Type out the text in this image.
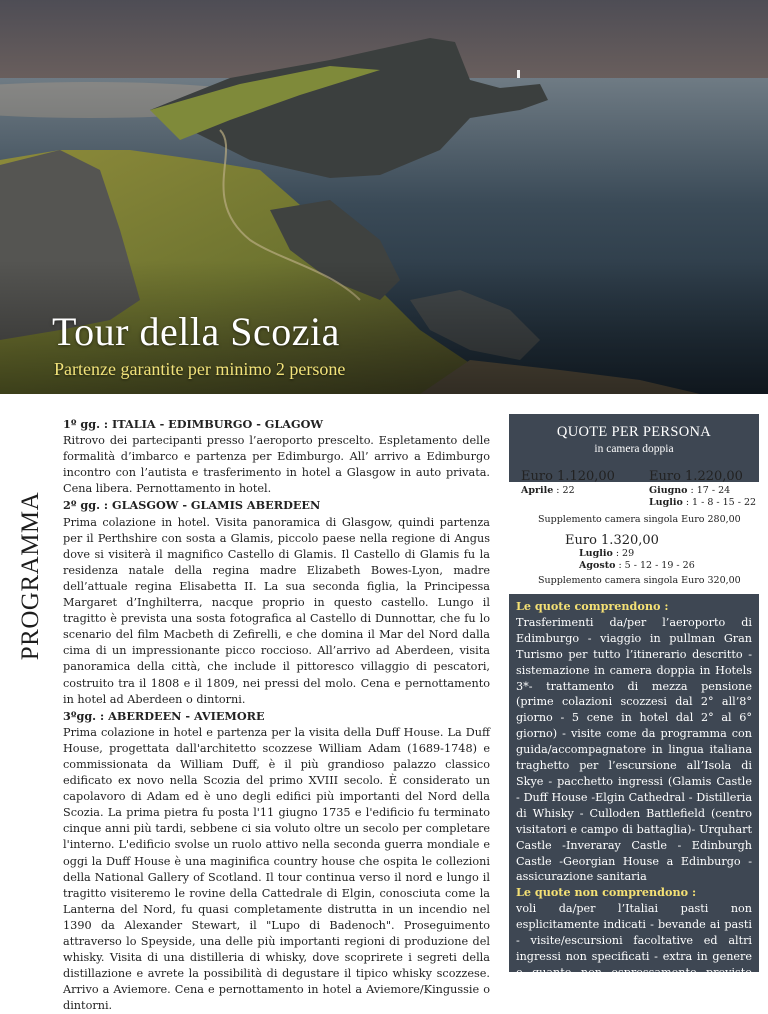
Tour della Scozia
Partenze garantite per minimo 2 persone
PROGRAMMA

1º gg. : ITALIA - EDIMBURGO - GLAGOW

Ritrovo dei partecipanti presso l’aeroporto prescelto. Espletamento delle formalità d’imbarco e partenza per Edimburgo. All’ arrivo a Edimburgo incontro con l’autista e trasferimento in hotel a Glasgow in auto privata. Cena libera. Pernottamento in hotel.

2º gg. : GLASGOW - GLAMIS ABERDEEN

Prima colazione in hotel. Visita panoramica di Glasgow, quindi partenza per il Perthshire con sosta a Glamis, piccolo paese nella regione di Angus dove si visiterà il magnifico Castello di Glamis. Il Castello di Glamis fu la residenza natale della regina madre Elizabeth Bowes-Lyon, madre dell’attuale regina Elisabetta II. La sua seconda figlia, la Principessa Margaret d’Inghilterra, nacque proprio in questo castello. Lungo il tragitto è prevista una sosta fotografica al Castello di Dunnottar, che fu lo scenario del film Macbeth di Zefirelli, e che domina il Mar del Nord dalla cima di un impressionante picco roccioso. All’arrivo ad Aberdeen, visita panoramica della città, che include il pittoresco villaggio di pescatori, costruito tra il 1808 e il 1809, nei pressi del molo. Cena e pernottamento in hotel ad Aberdeen o dintorni.

3ºgg. : ABERDEEN - AVIEMORE

Prima colazione in hotel e partenza per la visita della Duff House. La Duff House, progettata dall'architetto scozzese William Adam (1689-1748) e commissionata da William Duff, è il più grandioso palazzo classico edificato ex novo nella Scozia del primo XVIII secolo. È considerato un capolavoro di Adam ed è uno degli edifici più importanti del Nord della Scozia. La prima pietra fu posta l'11 giugno 1735 e l'edificio fu terminato cinque anni più tardi, sebbene ci sia voluto oltre un secolo per completare l'interno. L'edificio svolse un ruolo attivo nella seconda guerra mondiale e oggi la Duff House è una maginifica country house che ospita le collezioni della National Gallery of Scotland. Il tour continua verso il nord e lungo il tragitto visiteremo le rovine della Cattedrale di Elgin, conosciuta come la Lanterna del Nord, fu quasi completamente distrutta in un incendio nel 1390 da Alexander Stewart, il "Lupo di Badenoch". Proseguimento attraverso lo Speyside, una delle più importanti regioni di produzione del whisky. Visita di una distilleria di whisky, dove scoprirete i segreti della distillazione e avrete la possibilità di degustare il tipico whisky scozzese. Arrivo a Aviemore. Cena e pernottamento in hotel a Aviemore/Kingussie o dintorni.

QUOTE PER PERSONA
in camera doppia
Euro 1.120,00
Aprile : 22
Euro 1.220,00
Giugno : 17 - 24
Luglio : 1 - 8 - 15 - 22
Supplemento camera singola Euro 280,00
Euro 1.320,00
Luglio : 29
Agosto : 5 - 12 - 19 - 26
Supplemento camera singola Euro 320,00
Le quote comprendono :
Trasferimenti da/per l’aeroporto di Edimburgo - viaggio in pullman Gran Turismo per tutto l’itinerario descritto - sistemazione in camera doppia in Hotels 3*- trattamento di mezza pensione (prime colazioni scozzesi dal 2° all’8° giorno - 5 cene in hotel dal 2° al 6° giorno) - visite come da programma con guida/accompagnatore in lingua italiana traghetto per l’escursione all’Isola di Skye - pacchetto ingressi (Glamis Castle - Duff House -Elgin Cathedral - Distilleria di Whisky - Culloden Battlefield (centro visitatori e campo di battaglia)- Urquhart Castle -Inveraray Castle - Edinburgh Castle -Georgian House a Edinburgo -assicurazione sanitaria
Le quote non comprendono :
voli da/per l’Italiai pasti non esplicitamente indicati - bevande ai pasti - visite/escursioni facoltative ed altri ingressi non specificati - extra in genere e quanto non espressamente previsto sotto la voce “le quote comprendono”
